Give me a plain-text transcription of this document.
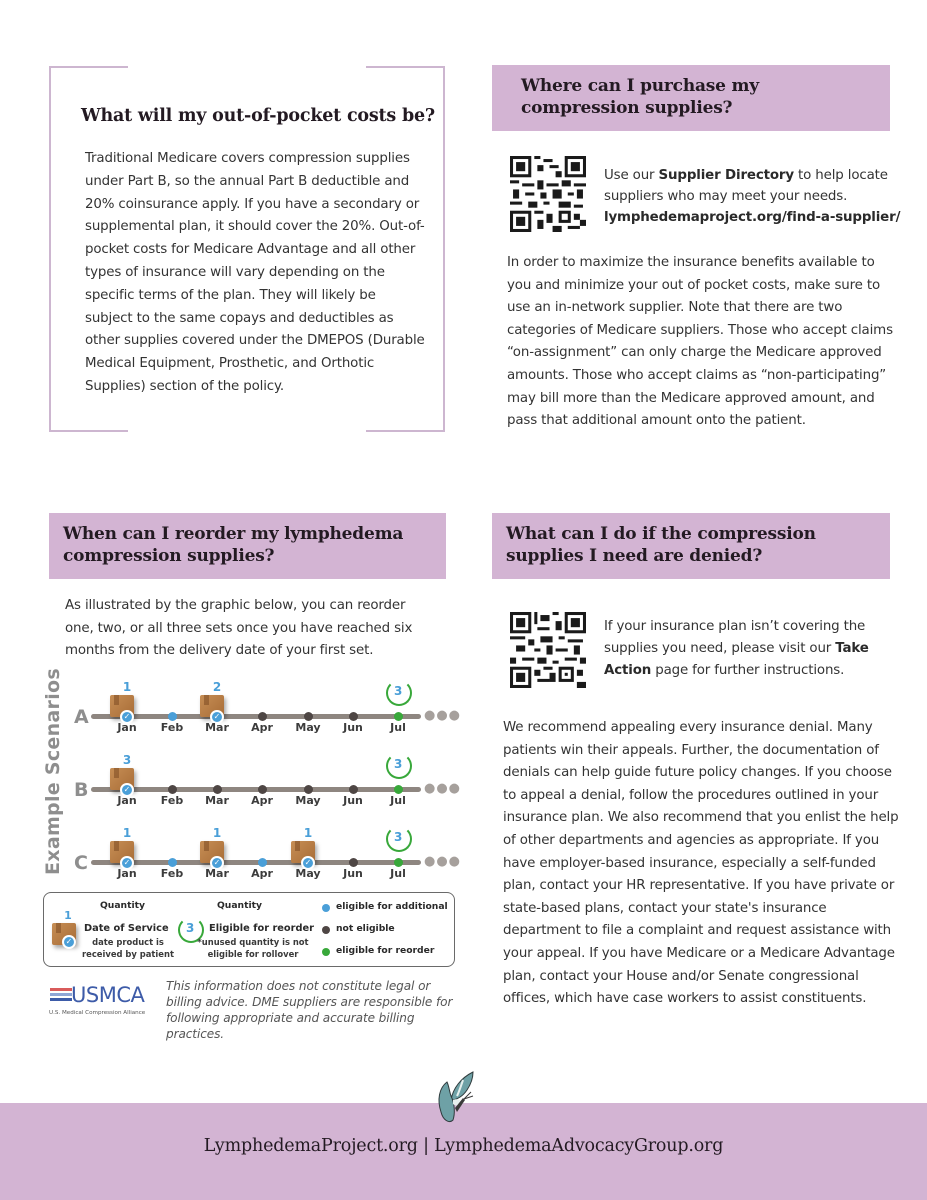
What will my out-of-pocket costs be?

Traditional Medicare covers compression supplies under Part B, so the annual Part B deductible and 20% coinsurance apply. If you have a secondary or supplemental plan, it should cover the 20%. Out-of-pocket costs for Medicare Advantage and all other types of insurance will vary depending on the specific terms of the plan. They will likely be subject to the same copays and deductibles as other supplies covered under the DMEPOS (Durable Medical Equipment, Prosthetic, and Orthotic Supplies) section of the policy.

Where can I purchase my compression supplies?
Use our Supplier Directory to help locate suppliers who may meet your needs.
lymphedemaproject.org/find-a-supplier/

In order to maximize the insurance benefits available to you and minimize your out of pocket costs, make sure to use an in-network supplier. Note that there are two categories of Medicare suppliers. Those who accept claims “on-assignment” can only charge the Medicare approved amounts. Those who accept claims as “non-participating” may bill more than the Medicare approved amount, and pass that additional amount onto the patient.

When can I reorder my lymphedema compression supplies?

As illustrated by the graphic below, you can reorder one, two, or all three sets once you have reached six months from the delivery date of your first set.

Example Scenarios A	●●●
1
✓
2
✓
3
Jan	Feb	Mar	Apr	May	Jun	Jul
B	●●●
3
✓
3
Jan	Feb	Mar	Apr	May	Jun	Jul
C	●●●
1
✓
1
✓
1
✓
3
Jan	Feb	Mar	Apr	May	Jun	Jul
1
Quantity
✓
Date of Service
date product is
received by patient
Quantity
3 Eligible for reorder
*unused quantity is not
eligible for rollover
eligible for additional
not eligible
eligible for reorder
USMCA
U.S. Medical Compression Alliance

This information does not constitute legal or billing advice. DME suppliers are responsible for following appropriate and accurate billing practices.

What can I do if the compression supplies I need are denied?
If your insurance plan isn’t covering the supplies you need, please visit our Take Action page for further instructions.

We recommend appealing every insurance denial. Many patients win their appeals. Further, the documentation of denials can help guide future policy changes. If you choose to appeal a denial, follow the procedures outlined in your insurance plan. We also recommend that you enlist the help of other departments and agencies as appropriate. If you have employer-based insurance, especially a self-funded plan, contact your HR representative. If you have private or state-based plans, contact your state's insurance department to file a complaint and request assistance with your appeal. If you have Medicare or a Medicare Advantage plan, contact your House and/or Senate congressional offices, which have case workers to assist constituents.

LymphedemaProject.org | LymphedemaAdvocacyGroup.org
